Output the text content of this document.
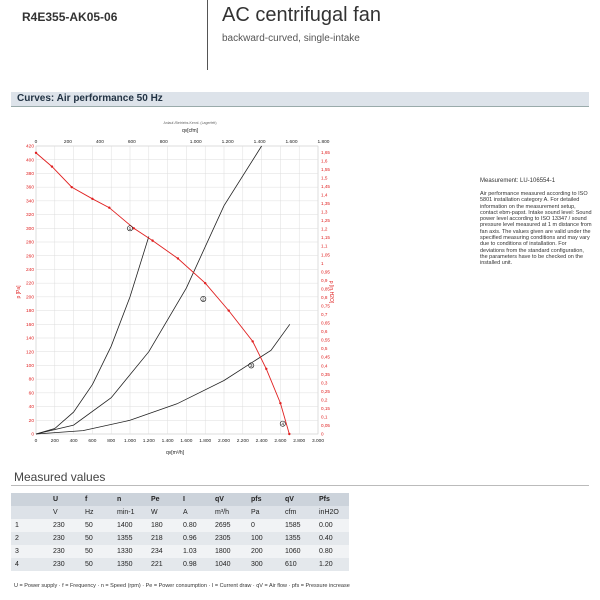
R4E355-AK05-06	AC centrifugal fan
backward-curved, single-intake
Curves: Air performance 50 Hz
0	200 400 600 800 1.000 1.200 1.400 1.600 1.800 2.000 2.200 2.400 2.600 2.800 3.000
0	200	400	600	800	1.000	1.200	1.400	1.600	1.800
0
20
40
60
80
100
120
140
160
180
200
220
240
260
280
300
320
340
360
380
400
420
0
0,05
0,1
0,15
0,2
0,25
0,3
0,35
0,4
0,45
0,5
0,55
0,6
0,65
0,7
0,75
0,8
0,85
0,9
0,95
1
1,05
1,1
1,15
1,2
1,25
1,3
1,35
1,4
1,45
1,5
1,55
1,6
1,65
1
2
3
4
Anlauf-/Betriebs-Kennl. (Lagerfett)
qv[cfm]
qv[m³/h]
p [Pa]	p [in.H2O]
Measurement: LU-106554-1
Air performance measured according to ISO 5801 installation category A. For detailed information on the measurement setup, contact ebm-papst. Intake sound level: Sound power level according to ISO 13347 / sound pressure level measured at 1 m distance from fan axis. The values given are valid under the specified measuring conditions and may vary due to conditions of installation. For deviations from the standard configuration, the parameters have to be checked on the installed unit.
Measured values
	U	f	n	Pe	I	qV	pfs	qV	Pfs
	V	Hz	min-1	W	A	m³/h	Pa	cfm	inH2O
1	230	50	1400	180	0.80	2695	0	1585	0.00
2	230	50	1355	218	0.96	2305	100	1355	0.40
3	230	50	1330	234	1.03	1800	200	1060	0.80
4	230	50	1350	221	0.98	1040	300	610	1.20
U = Power supply · f = Frequency · n = Speed (rpm) · Pe = Power consumption · I = Current draw · qV = Air flow · pfs = Pressure increase
